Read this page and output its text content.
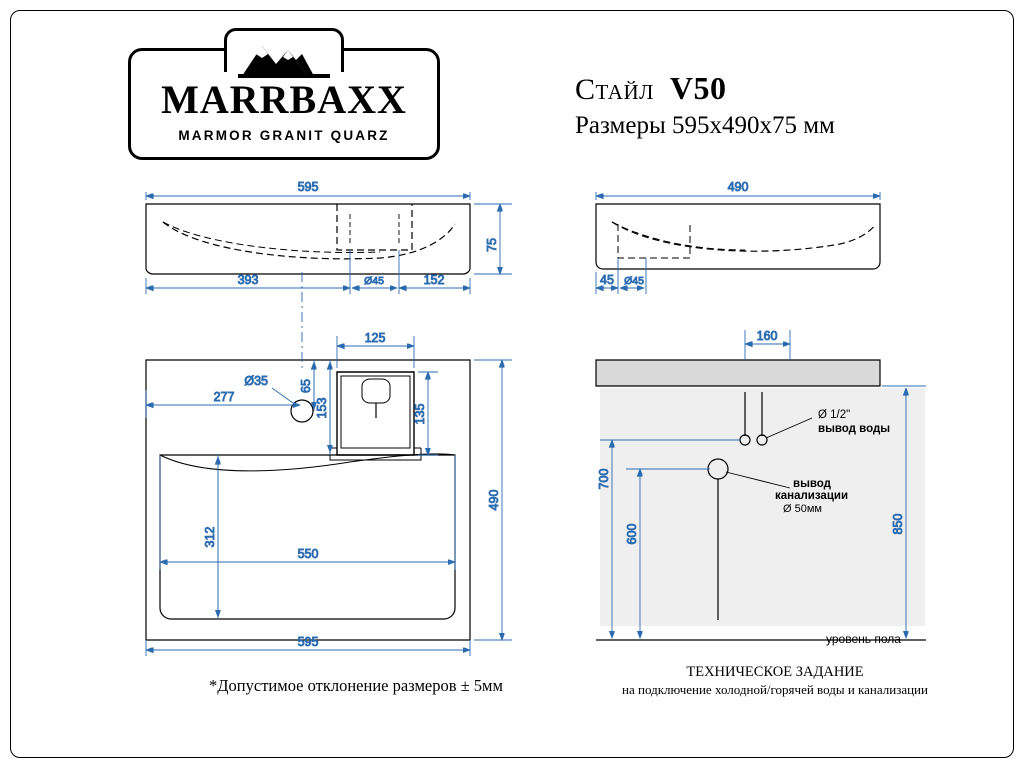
MARRBAXX
MARMOR GRANIT QUARZ
Стайл V50
Размеры 595x490x75 мм
595
75
393	Ø45	152
490
45 Ø45
125
135
153
65
Ø35
277
550
312
595
490
160
700
600	850
Ø 1/2"
вывод воды
вывод
канализации
Ø 50мм
уровень пола
*Допустимое отклонение размеров ± 5мм
ТЕХНИЧЕСКОЕ ЗАДАНИЕ
на подключение холодной/горячей воды и канализации
